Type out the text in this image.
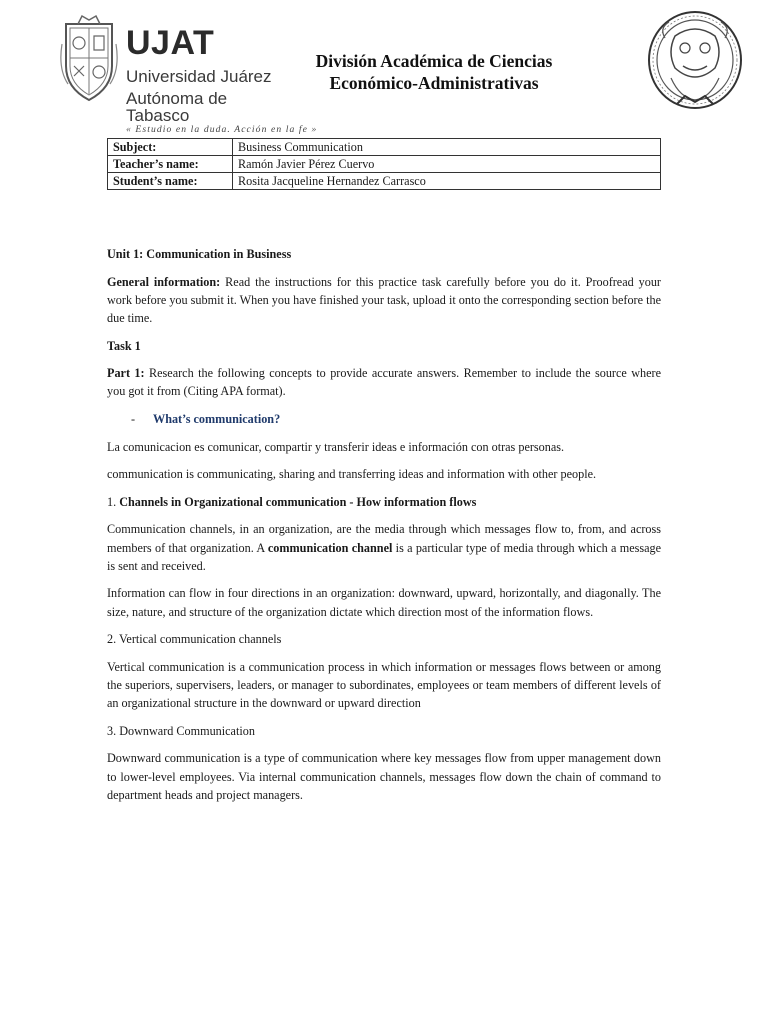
UJAT
Universidad Juárez
Autónoma de Tabasco
« Estudio en la duda. Acción en la fe »
División Académica de Ciencias
Económico-Administrativas
Subject:	Business Communication
Teacher’s name:	Ramón Javier Pérez Cuervo
Student’s name:	Rosita Jacqueline Hernandez Carrasco

Unit 1: Communication in Business

General information: Read the instructions for this practice task carefully before you do it. Proofread your work before you submit it. When you have finished your task, upload it onto the corresponding section before the due time.

Task 1

Part 1: Research the following concepts to provide accurate answers. Remember to include the source where you got it from (Citing APA format).

-	What’s communication?

La comunicacion es comunicar, compartir y transferir ideas e información con otras personas.

communication is communicating, sharing and transferring ideas and information with other people.

1. Channels in Organizational communication - How information flows

Communication channels, in an organization, are the media through which messages flow to, from, and across members of that organization. A communication channel is a particular type of media through which a message is sent and received.

Information can flow in four directions in an organization: downward, upward, horizontally, and diagonally. The size, nature, and structure of the organization dictate which direction most of the information flows.

2. Vertical communication channels

Vertical communication is a communication process in which information or messages flows between or among the superiors, supervisers, leaders, or manager to subordinates, employees or team members of different levels of an organizational structure in the downward or upward direction

3. Downward Communication

Downward communication is a type of communication where key messages flow from upper management down to lower-level employees. Via internal communication channels, messages flow down the chain of command to department heads and project managers.
